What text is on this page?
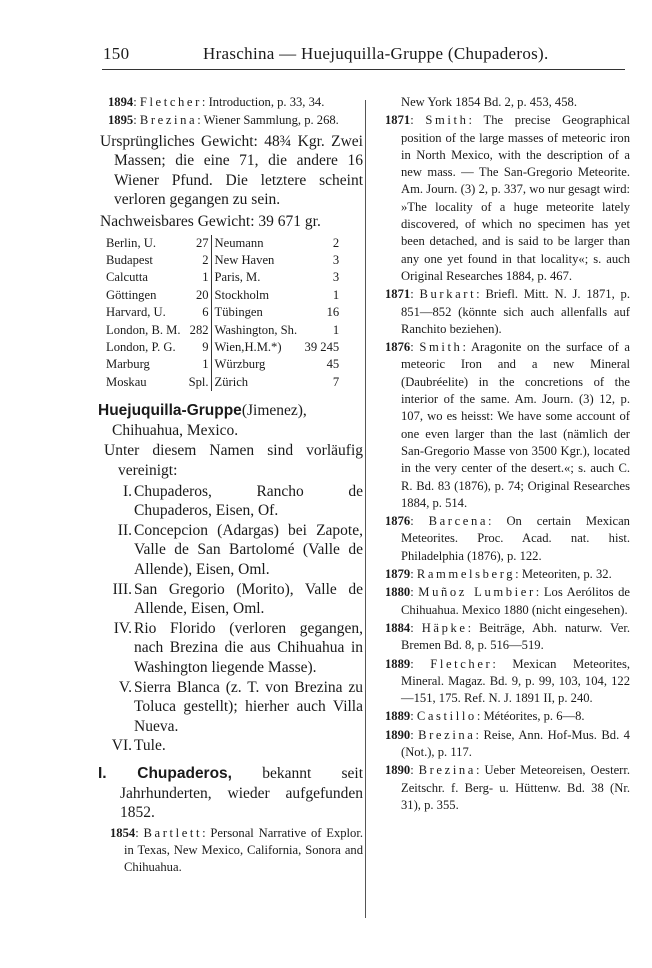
150	Hraschina — Huejuquilla-Gruppe (Chupaderos).
1894: Fletcher: Introduction, p. 33, 34.
1895: Brezina: Wiener Sammlung, p. 268.
Ursprüngliches Gewicht: 48¾ Kgr. Zwei Massen; die eine 71, die andere 16 Wiener Pfund. Die letztere scheint verloren gegangen zu sein.
Nachweisbares Gewicht: 39 671 gr.
Berlin, U.	27	Neumann	2
Budapest	2	New Haven	3
Calcutta	1	Paris, M.	3
Göttingen	20	Stockholm	1
Harvard, U.	6	Tübingen	16
London, B. M.	282	Washington, Sh.	1
London, P. G.	9	Wien,H.M.*)	39 245
Marburg	1	Würzburg	45
Moskau	Spl.	Zürich	7
Huejuquilla-Gruppe(Jimenez), Chihuahua, Mexico.
Unter diesem Namen sind vorläufig vereinigt:
I. Chupaderos, Rancho de Chupaderos, Eisen, Of.
II. Concepcion (Adargas) bei Zapote, Valle de San Bartolomé (Valle de Allende), Eisen, Oml.
III. San Gregorio (Morito), Valle de Allende, Eisen, Oml.
IV. Rio Florido (verloren gegangen, nach Brezina die aus Chihuahua in Washington liegende Masse).
V. Sierra Blanca (z. T. von Brezina zu Toluca gestellt); hierher auch Villa Nueva.
VI. Tule.
I. Chupaderos, bekannt seit Jahrhunderten, wieder aufgefunden 1852.
1854: Bartlett: Personal Narrative of Explor. in Texas, New Mexico, California, Sonora and Chihuahua.
New York 1854 Bd. 2, p. 453, 458.
1871: Smith: The precise Geographical position of the large masses of meteoric iron in North Mexico, with the description of a new mass. — The San-Gregorio Meteorite. Am. Journ. (3) 2, p. 337, wo nur gesagt wird: »The locality of a huge meteorite lately discovered, of which no specimen has yet been detached, and is said to be larger than any one yet found in that locality«; s. auch Original Researches 1884, p. 467.
1871: Burkart: Briefl. Mitt. N. J. 1871, p. 851—852 (könnte sich auch allenfalls auf Ranchito beziehen).
1876: Smith: Aragonite on the surface of a meteoric Iron and a new Mineral (Daubréelite) in the concretions of the interior of the same. Am. Journ. (3) 12, p. 107, wo es heisst: We have some account of one even larger than the last (nämlich der San-Gregorio Masse von 3500 Kgr.), located in the very center of the desert.«; s. auch C. R. Bd. 83 (1876), p. 74; Original Researches 1884, p. 514.
1876: Barcena: On certain Mexican Meteorites. Proc. Acad. nat. hist. Philadelphia (1876), p. 122.
1879: Rammelsberg: Meteoriten, p. 32.
1880: Muñoz Lumbier: Los Aerólitos de Chihuahua. Mexico 1880 (nicht eingesehen).
1884: Häpke: Beiträge, Abh. naturw. Ver. Bremen Bd. 8, p. 516—519.
1889: Fletcher: Mexican Meteorites, Mineral. Magaz. Bd. 9, p. 99, 103, 104, 122—151, 175. Ref. N. J. 1891 II, p. 240.
1889: Castillo: Météorites, p. 6—8.
1890: Brezina: Reise, Ann. Hof-Mus. Bd. 4 (Not.), p. 117.
1890: Brezina: Ueber Meteoreisen, Oesterr. Zeitschr. f. Berg- u. Hüttenw. Bd. 38 (Nr. 31), p. 355.
